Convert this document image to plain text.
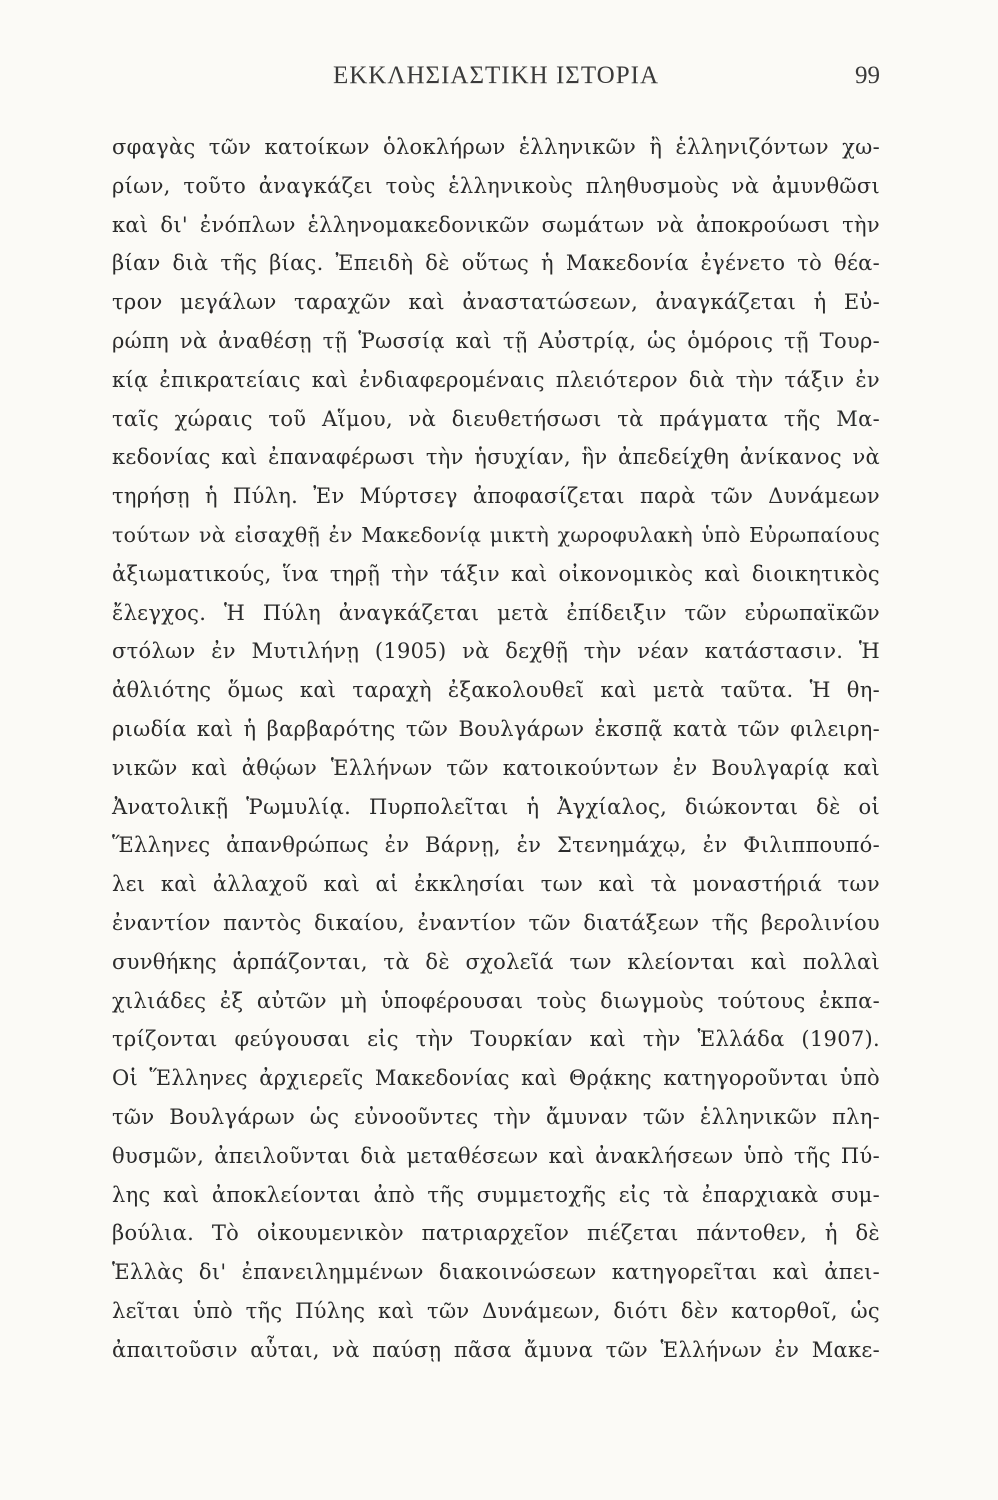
ΕΚΚΛΗΣΙΑΣΤΙΚΗ ΙΣΤΟΡΙΑ	99
σφαγὰς τῶν κατοίκων ὁλοκλήρων ἑλληνικῶν ἢ ἑλληνιζόντων χω-
ρίων, τοῦτο ἀναγκάζει τοὺς ἑλληνικοὺς πληθυσμοὺς νὰ ἀμυνθῶσι
καὶ δι' ἐνόπλων ἑλληνομακεδονικῶν σωμάτων νὰ ἀποκρούωσι τὴν
βίαν διὰ τῆς βίας. Ἐπειδὴ δὲ οὕτως ἡ Μακεδονία ἐγένετο τὸ θέα-
τρον μεγάλων ταραχῶν καὶ ἀναστατώσεων, ἀναγκάζεται ἡ Εὐ-
ρώπη νὰ ἀναθέσῃ τῇ Ῥωσσίᾳ καὶ τῇ Αὐστρίᾳ, ὡς ὁμόροις τῇ Τουρ-
κίᾳ ἐπικρατείαις καὶ ἐνδιαφερομέναις πλειότερον διὰ τὴν τάξιν ἐν
ταῖς χώραις τοῦ Αἵμου, νὰ διευθετήσωσι τὰ πράγματα τῆς Μα-
κεδονίας καὶ ἐπαναφέρωσι τὴν ἡσυχίαν, ἣν ἀπεδείχθη ἀνίκανος νὰ
τηρήσῃ ἡ Πύλη. Ἐν Μύρτσεγ ἀποφασίζεται παρὰ τῶν Δυνάμεων
τούτων νὰ εἰσαχθῇ ἐν Μακεδονίᾳ μικτὴ χωροφυλακὴ ὑπὸ Εὐρωπαίους
ἀξιωματικούς, ἵνα τηρῇ τὴν τάξιν καὶ οἰκονομικὸς καὶ διοικητικὸς
ἔλεγχος. Ἡ Πύλη ἀναγκάζεται μετὰ ἐπίδειξιν τῶν εὐρωπαϊκῶν
στόλων ἐν Μυτιλήνῃ (1905) νὰ δεχθῇ τὴν νέαν κατάστασιν. Ἡ
ἀθλιότης ὅμως καὶ ταραχὴ ἐξακολουθεῖ καὶ μετὰ ταῦτα. Ἡ θη-
ριωδία καὶ ἡ βαρβαρότης τῶν Βουλγάρων ἐκσπᾷ κατὰ τῶν φιλειρη-
νικῶν καὶ ἀθῴων Ἑλλήνων τῶν κατοικούντων ἐν Βουλγαρίᾳ καὶ
Ἀνατολικῇ Ῥωμυλίᾳ. Πυρπολεῖται ἡ Ἀγχίαλος, διώκονται δὲ οἱ
Ἕλληνες ἀπανθρώπως ἐν Βάρνῃ, ἐν Στενημάχῳ, ἐν Φιλιππουπό-
λει καὶ ἀλλαχοῦ καὶ αἱ ἐκκλησίαι των καὶ τὰ μοναστήριά των
ἐναντίον παντὸς δικαίου, ἐναντίον τῶν διατάξεων τῆς βερολινίου
συνθήκης ἁρπάζονται, τὰ δὲ σχολεῖά των κλείονται καὶ πολλαὶ
χιλιάδες ἐξ αὐτῶν μὴ ὑποφέρουσαι τοὺς διωγμοὺς τούτους ἐκπα-
τρίζονται φεύγουσαι εἰς τὴν Τουρκίαν καὶ τὴν Ἑλλάδα (1907).
Οἱ Ἕλληνες ἀρχιερεῖς Μακεδονίας καὶ Θρᾴκης κατηγοροῦνται ὑπὸ
τῶν Βουλγάρων ὡς εὐνοοῦντες τὴν ἄμυναν τῶν ἑλληνικῶν πλη-
θυσμῶν, ἀπειλοῦνται διὰ μεταθέσεων καὶ ἀνακλήσεων ὑπὸ τῆς Πύ-
λης καὶ ἀποκλείονται ἀπὸ τῆς συμμετοχῆς εἰς τὰ ἐπαρχιακὰ συμ-
βούλια. Τὸ οἰκουμενικὸν πατριαρχεῖον πιέζεται πάντοθεν, ἡ δὲ
Ἑλλὰς δι' ἐπανειλημμένων διακοινώσεων κατηγορεῖται καὶ ἀπει-
λεῖται ὑπὸ τῆς Πύλης καὶ τῶν Δυνάμεων, διότι δὲν κατορθοῖ, ὡς
ἀπαιτοῦσιν αὗται, νὰ παύσῃ πᾶσα ἄμυνα τῶν Ἑλλήνων ἐν Μακε-
